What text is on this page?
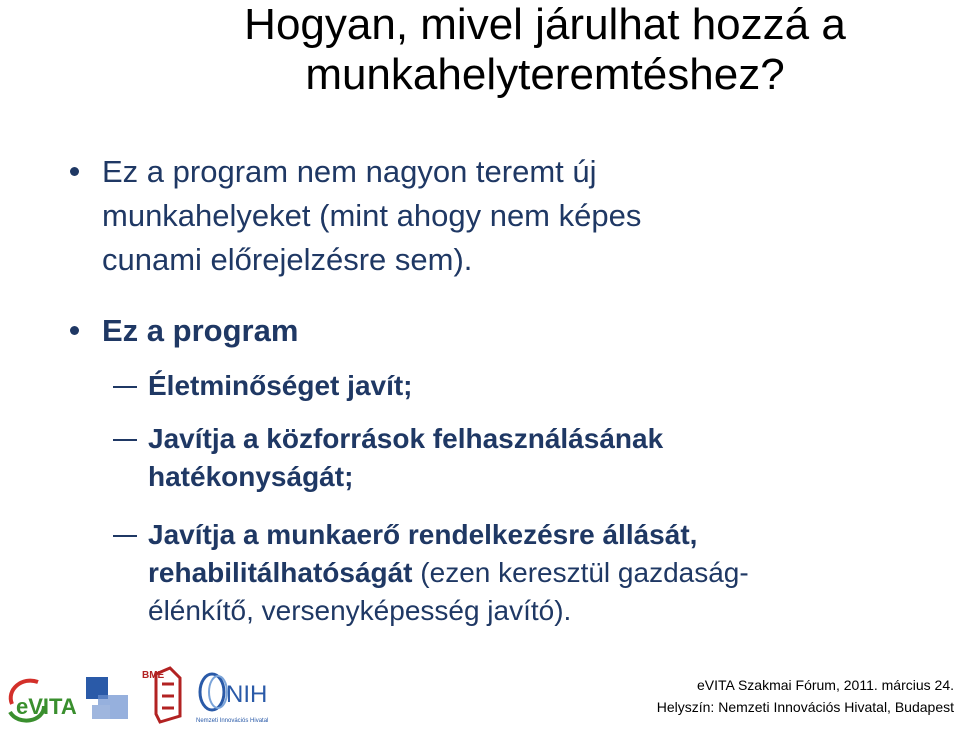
Hogyan, mivel járulhat hozzá a
munkahelyteremtéshez?
Ez a program nem nagyon teremt új
munkahelyeket (mint ahogy nem képes
cunami előrejelzésre sem).
Ez a program
Életminőséget javít;
Javítja a közforrások felhasználásának
hatékonyságát;
Javítja a munkaerő rendelkezésre állását,
rehabilitálhatóságát (ezen keresztül gazdaság-
élénkítő, versenyképesség javító).
eVITA
BME
NIH
Nemzeti Innovációs Hivatal
eVITA Szakmai Fórum, 2011. március 24.
Helyszín: Nemzeti Innovációs Hivatal, Budapest
